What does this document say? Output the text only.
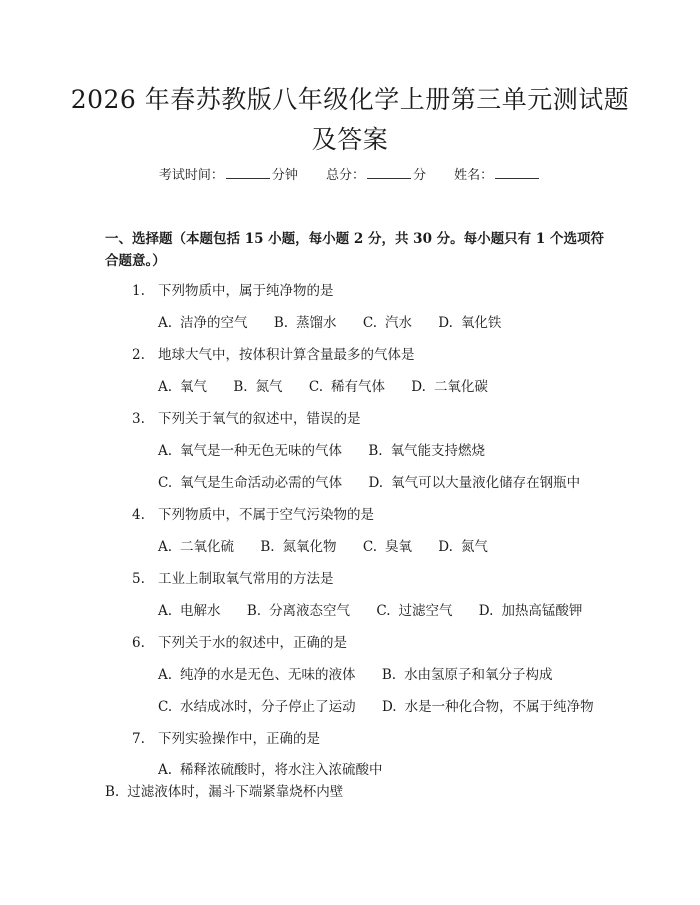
2026 年春苏教版八年级化学上册第三单元测试题及答案
考试时间：	分钟 总分：	分 姓名：
一、选择题（本题包括 15 小题，每小题 2 分，共 30 分。每小题只有 1 个选项符合题意。）
1. 下列物质中，属于纯净物的是
A. 洁净的空气 B. 蒸馏水 C. 汽水 D. 氧化铁
2. 地球大气中，按体积计算含量最多的气体是
A. 氧气 B. 氮气 C. 稀有气体 D. 二氧化碳
3. 下列关于氧气的叙述中，错误的是
A. 氧气是一种无色无味的气体 B. 氧气能支持燃烧
C. 氧气是生命活动必需的气体 D. 氧气可以大量液化储存在钢瓶中
4. 下列物质中，不属于空气污染物的是
A. 二氧化硫 B. 氮氧化物 C. 臭氧 D. 氮气
5. 工业上制取氧气常用的方法是
A. 电解水 B. 分离液态空气 C. 过滤空气 D. 加热高锰酸钾
6. 下列关于水的叙述中，正确的是
A. 纯净的水是无色、无味的液体 B. 水由氢原子和氧分子构成
C. 水结成冰时，分子停止了运动 D. 水是一种化合物，不属于纯净物
7. 下列实验操作中，正确的是
A. 稀释浓硫酸时，将水注入浓硫酸中B. 过滤液体时，漏斗下端紧靠烧杯内壁
